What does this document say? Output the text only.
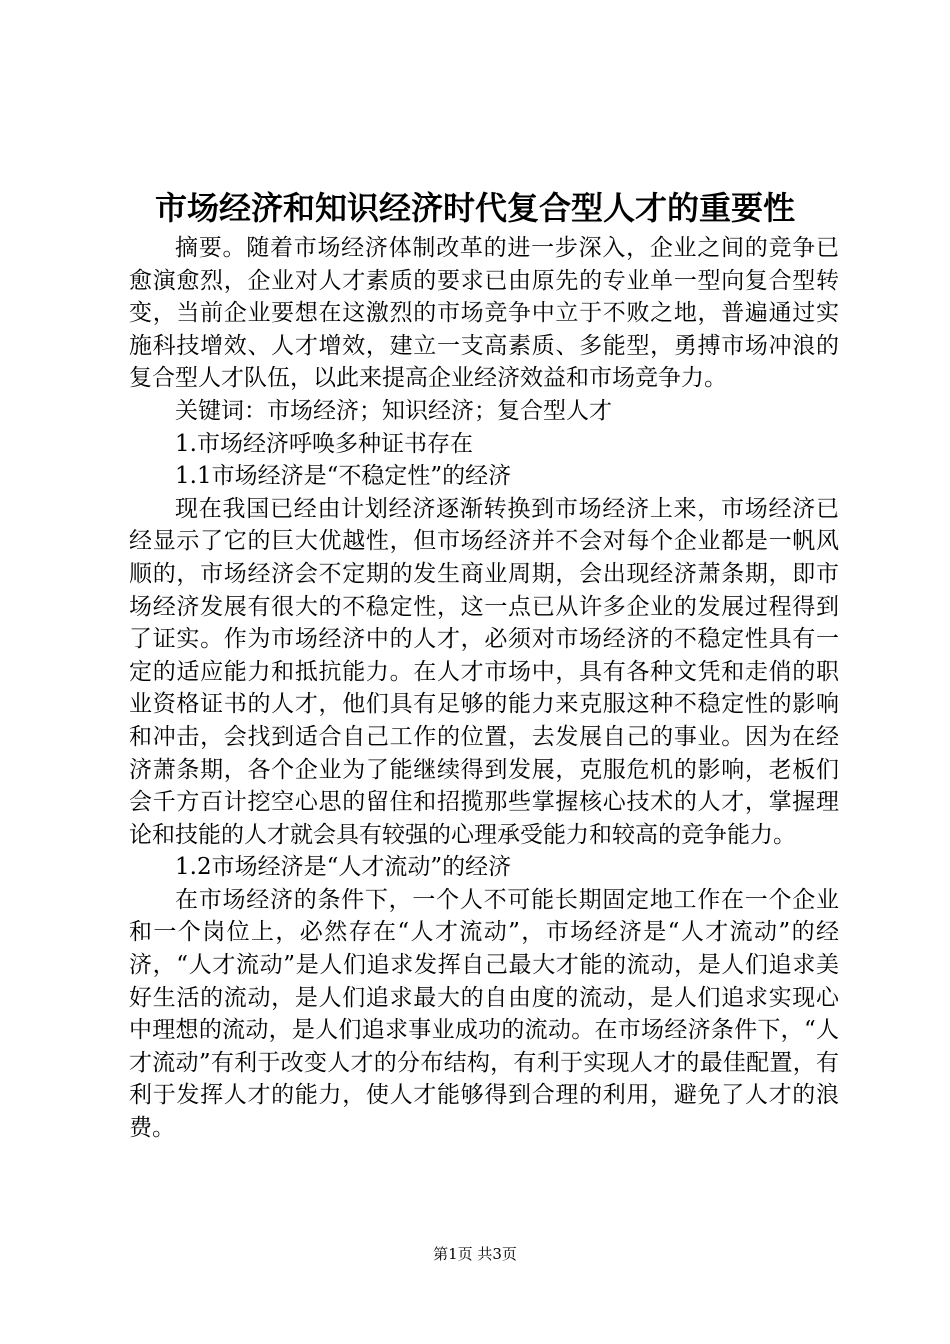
市场经济和知识经济时代复合型人才的重要性

摘要。随着市场经济体制改革的进一步深入，企业之间的竞争已愈演愈烈，企业对人才素质的要求已由原先的专业单一型向复合型转变，当前企业要想在这激烈的市场竞争中立于不败之地，普遍通过实施科技增效、人才增效，建立一支高素质、多能型，勇搏市场冲浪的复合型人才队伍，以此来提高企业经济效益和市场竞争力。

关键词：市场经济；知识经济；复合型人才

1.市场经济呼唤多种证书存在

1.1市场经济是“不稳定性”的经济

现在我国已经由计划经济逐渐转换到市场经济上来，市场经济已经显示了它的巨大优越性，但市场经济并不会对每个企业都是一帆风顺的，市场经济会不定期的发生商业周期，会出现经济萧条期，即市场经济发展有很大的不稳定性，这一点已从许多企业的发展过程得到了证实。作为市场经济中的人才，必须对市场经济的不稳定性具有一定的适应能力和抵抗能力。在人才市场中，具有各种文凭和走俏的职业资格证书的人才，他们具有足够的能力来克服这种不稳定性的影响和冲击，会找到适合自己工作的位置，去发展自己的事业。因为在经济萧条期，各个企业为了能继续得到发展，克服危机的影响，老板们会千方百计挖空心思的留住和招揽那些掌握核心技术的人才，掌握理论和技能的人才就会具有较强的心理承受能力和较高的竞争能力。

1.2市场经济是“人才流动”的经济

在市场经济的条件下，一个人不可能长期固定地工作在一个企业和一个岗位上，必然存在“人才流动”，市场经济是“人才流动”的经济，“人才流动”是人们追求发挥自己最大才能的流动，是人们追求美好生活的流动，是人们追求最大的自由度的流动，是人们追求实现心中理想的流动，是人们追求事业成功的流动。在市场经济条件下，“人才流动”有利于改变人才的分布结构，有利于实现人才的最佳配置，有利于发挥人才的能力，使人才能够得到合理的利用，避免了人才的浪费。

第1页 共3页
